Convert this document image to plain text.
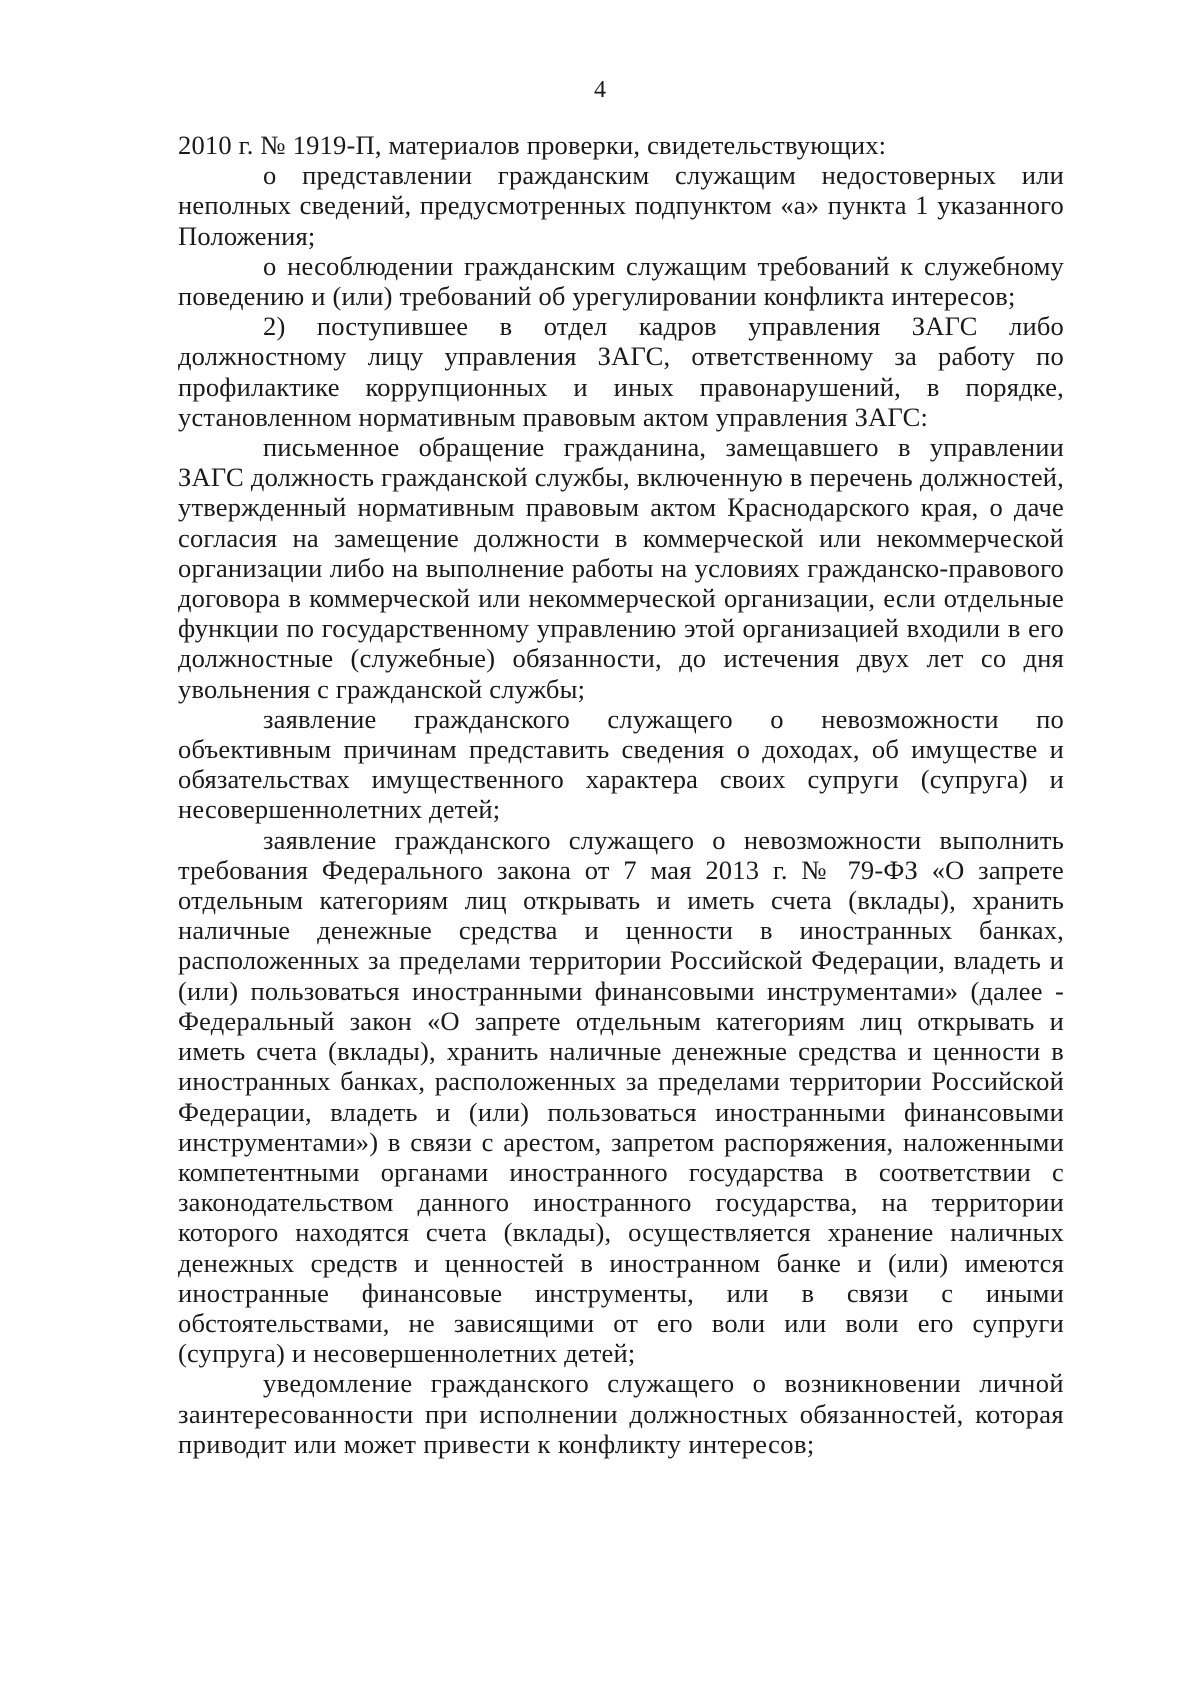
4

2010 г. № 1919-П, материалов проверки, свидетельствующих:

о представлении гражданским служащим недостоверных или неполных сведений, предусмотренных подпунктом «а» пункта 1 указанного Положения;

о несоблюдении гражданским служащим требований к служебному поведению и (или) требований об урегулировании конфликта интересов;

2) поступившее в отдел кадров управления ЗАГС либо должностному лицу управления ЗАГС, ответственному за работу по профилактике коррупционных и иных правонарушений, в порядке, установленном нормативным правовым актом управления ЗАГС:

письменное обращение гражданина, замещавшего в управлении ЗАГС должность гражданской службы, включенную в перечень должностей, утвержденный нормативным правовым актом Краснодарского края, о даче согласия на замещение должности в коммерческой или некоммерческой организации либо на выполнение работы на условиях гражданско-правового договора в коммерческой или некоммерческой организации, если отдельные функции по государственному управлению этой организацией входили в его должностные (служебные) обязанности, до истечения двух лет со дня увольнения с гражданской службы;

заявление гражданского служащего о невозможности по объективным причинам представить сведения о доходах, об имуществе и обязательствах имущественного характера своих супруги (супруга) и несовершеннолетних детей;

заявление гражданского служащего о невозможности выполнить требования Федерального закона от 7 мая 2013 г. № 79-ФЗ «О запрете отдельным категориям лиц открывать и иметь счета (вклады), хранить наличные денежные средства и ценности в иностранных банках, расположенных за пределами территории Российской Федерации, владеть и (или) пользоваться иностранными финансовыми инструментами» (далее - Федеральный закон «О запрете отдельным категориям лиц открывать и иметь счета (вклады), хранить наличные денежные средства и ценности в иностранных банках, расположенных за пределами территории Российской Федерации, владеть и (или) пользоваться иностранными финансовыми инструментами») в связи с арестом, запретом распоряжения, наложенными компетентными органами иностранного государства в соответствии с законодательством данного иностранного государства, на территории которого находятся счета (вклады), осуществляется хранение наличных денежных средств и ценностей в иностранном банке и (или) имеются иностранные финансовые инструменты, или в связи с иными обстоятельствами, не зависящими от его воли или воли его супруги (супруга) и несовершеннолетних детей;

уведомление гражданского служащего о возникновении личной заинтересованности при исполнении должностных обязанностей, которая приводит или может привести к конфликту интересов;
